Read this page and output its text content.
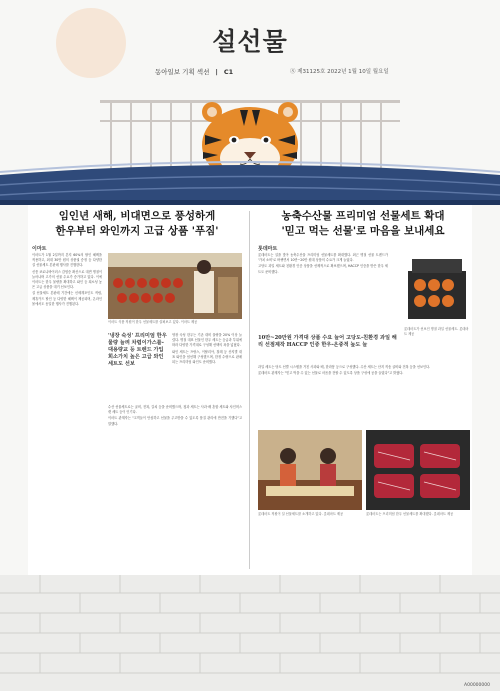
설선물
동아일보 기획 섹션 | C1	Ⓢ 제31125호 2022년 1월 10일 월요일
임인년 새해, 비대면으로 풍성하게
한우부터 와인까지 고급 상품 '푸짐'
이마트

이마트가 1월 2일까지 본지 60%의 할인 혜택을 적용하고, 최대 30만 원의 상품권 증정 등 다양한 설 선물세트 본판매 행사를 진행한다.

신종 코로나바이러스 감염증 확산으로 대면 명절이 늘어나며 고가의 선물 수요가 증가하고 있다. 이에 이마트는 한우 물량을 확대하고 와인 등 희소성 높은 고급 상품을 대거 선보인다.

설 선물세트 본판매 기간에는 신세계포인트 적립, 제휴카드 할인 등 다양한 혜택이 제공되며, 온라인 몰에서도 동일한 행사가 진행된다.

이마트 식품 직원이 한우 선물세트를 살펴보고 있다. 이마트 제공
'냉장 숙성' 프리미엄 한우 물량 늘려 차렵이가스를-대용량교 등 트렌드 가입 희소가치 높은 고급 와인세트도 선보

냉장 숙성 한우는 기존 대비 물량을 20% 이상 늘렸다. 명절 대표 선물인 한우 세트는 등급과 부위에 따라 다양한 가격대로 구성해 선택의 폭을 넓혔다.

와인 세트는 프랑스, 이탈리아, 칠레 등 산지별 대표 와인을 엄선해 구성했으며, 한정 수량으로 판매되는 프리미엄 와인도 준비했다.

수산 선물세트로는 굴비, 전복, 갈치 등을 준비했으며, 청과 세트는 사과·배 혼합 세트와 샤인머스캣 세트 등이 인기다.

이마트 관계자는 "고객들이 안심하고 선물을 주고받을 수 있도록 품질 관리에 만전을 기했다"고 말했다.

농축수산물 프리미엄 선물세트 확대
'믿고 먹는 선물'로 마음을 보내세요
롯데마트

롯데마트는 설을 맞아 농축수산물 프리미엄 선물세트를 확대했다. 최근 명절 선물 트렌드가 '가치 소비'로 바뀌면서 10만~20만 원대 상품의 수요가 크게 늘었다.

고당도 과일 세트와 친환경 인증 상품을 선제적으로 확보했으며, HACCP 인증을 받은 한우 세트도 준비했다.

롯데마트가 선보인 명절 과일 선물세트. 롯데마트 제공
10만~20만원 가격대 상품 수요 늘어 고당도-친환경 과일 해리 선점제작 HACCP 인증 한우-온중적 높도 늘
롯데마트 직원이 설 선물세트를 소개하고 있다. 롯데마트 제공	롯데마트는 프리미엄 한우 선물세트를 확대했다. 롯데마트 제공

과일 세트는 당도 선별 시스템을 거친 사과와 배, 한라봉 등으로 구성했다. 수산 세트는 산지 직송 굴비와 전복 등을 선보인다.

롯데마트 관계자는 "믿고 먹을 수 있는 선물로 마음을 전할 수 있도록 상품 구성에 공을 들였다"고 밝혔다.

A00000000
